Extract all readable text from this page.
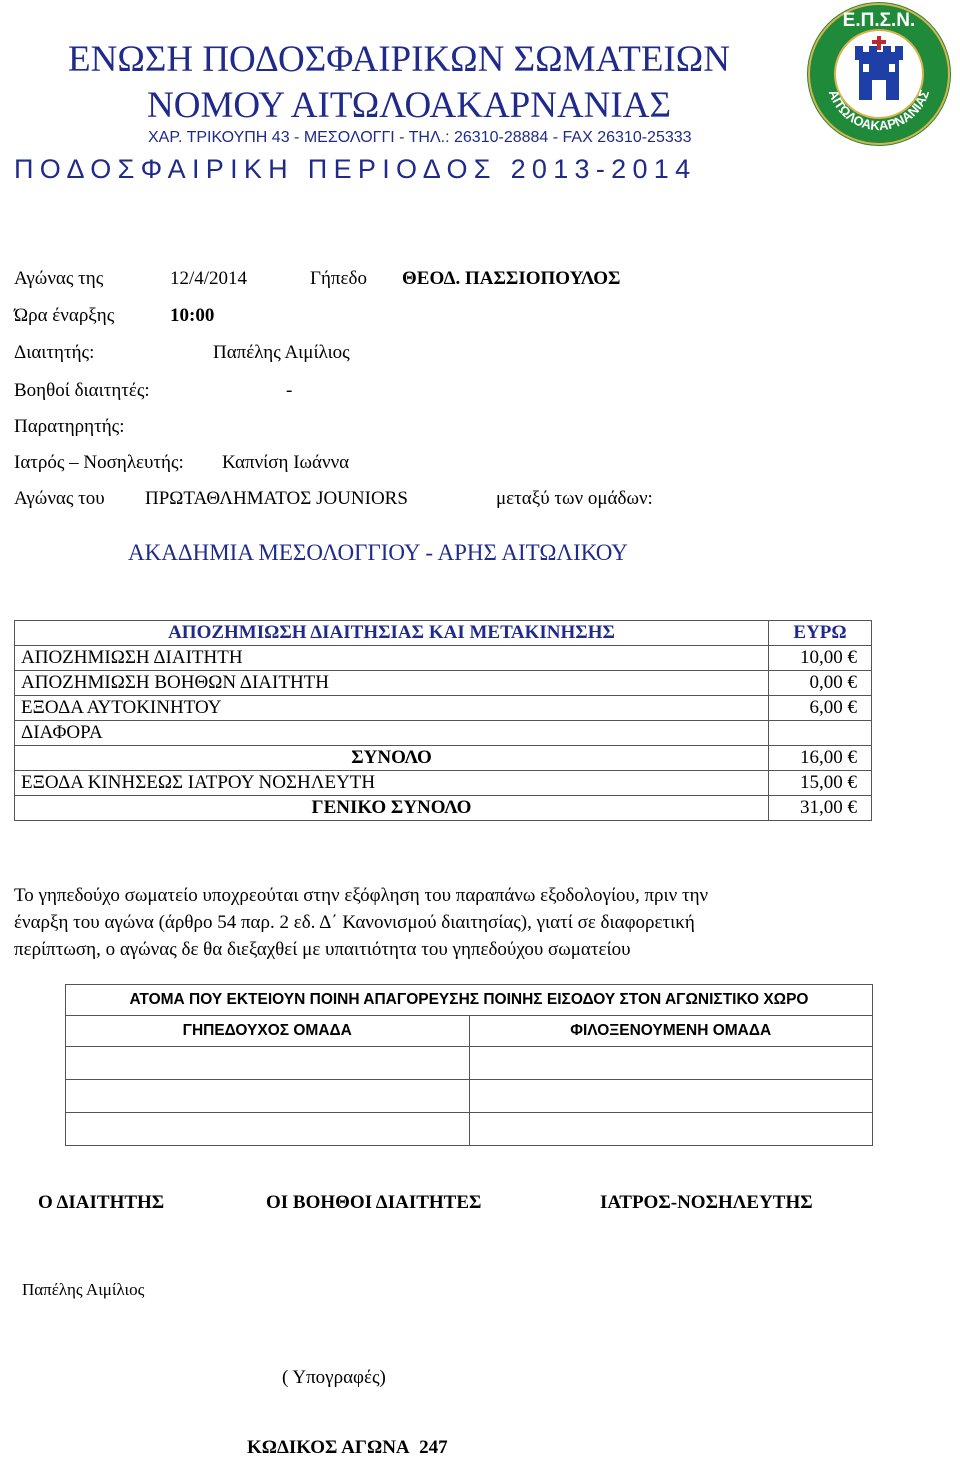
ΕΝΩΣΗ ΠΟΔΟΣΦΑΙΡΙΚΩΝ ΣΩΜΑΤΕΙΩΝ
ΝΟΜΟΥ ΑΙΤΩΛΟΑΚΑΡΝΑΝΙΑΣ
ΧΑΡ. ΤΡΙΚΟΥΠΗ 43 - ΜΕΣΟΛΟΓΓΙ - ΤΗΛ.: 26310-28884 - FAX 26310-25333
ΠΟΔΟΣΦΑΙΡΙΚΗ ΠΕΡΙΟΔΟΣ 2013-2014
Ε.Π.Σ.Ν.
ΑΙΤΩΛΟΑΚΑΡΝΑΝΙΑΣ
Αγώνας της	12/4/2014	Γήπεδο ΘΕΟΔ. ΠΑΣΣΙΟΠΟΥΛΟΣ
Ώρα έναρξης	10:00
Διαιτητής:	Παπέλης Αιμίλιος
Βοηθοί διαιτητές:	-
Παρατηρητής:
Ιατρός – Νοσηλευτής: Καπνίση Ιωάννα
Αγώνας του ΠΡΩΤΑΘΛΗΜΑΤΟΣ JOUNIORS	μεταξύ των ομάδων:
ΑΚΑΔΗΜΙΑ ΜΕΣΟΛΟΓΓΙΟΥ - ΑΡΗΣ ΑΙΤΩΛΙΚΟΥ
ΑΠΟΖΗΜΙΩΣΗ ΔΙΑΙΤΗΣΙΑΣ ΚΑΙ ΜΕΤΑΚΙΝΗΣΗΣ	ΕΥΡΩ
ΑΠΟΖΗΜΙΩΣΗ ΔΙΑΙΤΗΤΗ	10,00 €
ΑΠΟΖΗΜΙΩΣΗ ΒΟΗΘΩΝ ΔΙΑΙΤΗΤΗ	0,00 €
ΕΞΟΔΑ ΑΥΤΟΚΙΝΗΤΟΥ	6,00 €
ΔΙΑΦΟΡΑ	
ΣΥΝΟΛΟ	16,00 €
ΕΞΟΔΑ ΚΙΝΗΣΕΩΣ ΙΑΤΡΟΥ ΝΟΣΗΛΕΥΤΗ	15,00 €
ΓΕΝΙΚΟ ΣΥΝΟΛΟ	31,00 €
Το γηπεδούχο σωματείο υποχρεούται στην εξόφληση του παραπάνω εξοδολογίου, πριν την
έναρξη του αγώνα (άρθρο 54 παρ. 2 εδ. Δ΄ Κανονισμού διαιτησίας), γιατί σε διαφορετική
περίπτωση, ο αγώνας δε θα διεξαχθεί με υπαιτιότητα του γηπεδούχου σωματείου
ΑΤΟΜΑ ΠΟΥ ΕΚΤΕΙΟΥΝ ΠΟΙΝΗ ΑΠΑΓΟΡΕΥΣΗΣ ΠΟΙΝΗΣ ΕΙΣΟΔΟΥ ΣΤΟΝ ΑΓΩΝΙΣΤΙΚΟ ΧΩΡΟ	
ΓΗΠΕΔΟΥΧΟΣ ΟΜΑΔΑ	ΦΙΛΟΞΕΝΟΥΜΕΝΗ ΟΜΑΔΑ

Ο ΔΙΑΙΤΗΤΗΣ	ΟΙ ΒΟΗΘΟΙ ΔΙΑΙΤΗΤΕΣ	ΙΑΤΡΟΣ-ΝΟΣΗΛΕΥΤΗΣ
Παπέλης Αιμίλιος
( Υπογραφές)
ΚΩΔΙΚΟΣ ΑΓΩΝΑ 247
